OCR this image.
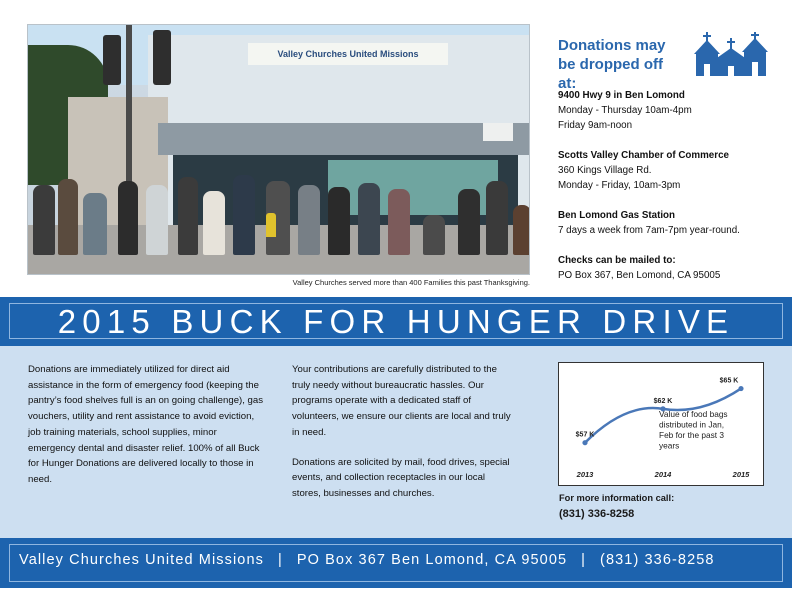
Valley Churches United Missions
Valley Churches served more than 400 Families this past Thanksgiving.
Donations may be dropped off at:
9400 Hwy 9 in Ben Lomond
Monday - Thursday 10am-4pm
Friday 9am-noon
Scotts Valley Chamber of Commerce
360 Kings Village Rd.
Monday - Friday, 10am-3pm
Ben Lomond Gas Station
7 days a week from 7am-7pm year-round.
Checks can be mailed to:
PO Box 367, Ben Lomond, CA 95005
2015 BUCK FOR HUNGER DRIVE
Donations are immediately utilized for direct aid assistance in the form of emergency food (keeping the pantry’s food shelves full is an on going challenge), gas vouchers, utility and rent assistance to avoid eviction, job training materials, school supplies, minor emergency dental and disaster relief. 100% of all Buck for Hunger Donations are delivered locally to those in need.

Your contributions are carefully distributed to the truly needy without bureaucratic hassles. Our programs operate with a dedicated staff of volunteers, we ensure our clients are local and truly in need.

Donations are solicited by mail, food drives, special events, and collection receptacles in our local stores, businesses and churches.

$57 K
2013
$62 K
2014
$65 K
2015
Value of food bags distributed in Jan, Feb for the past 3 years
For more information call:
(831) 336-8258
Valley Churches United Missions | PO Box 367 Ben Lomond, CA 95005 | (831) 336-8258
